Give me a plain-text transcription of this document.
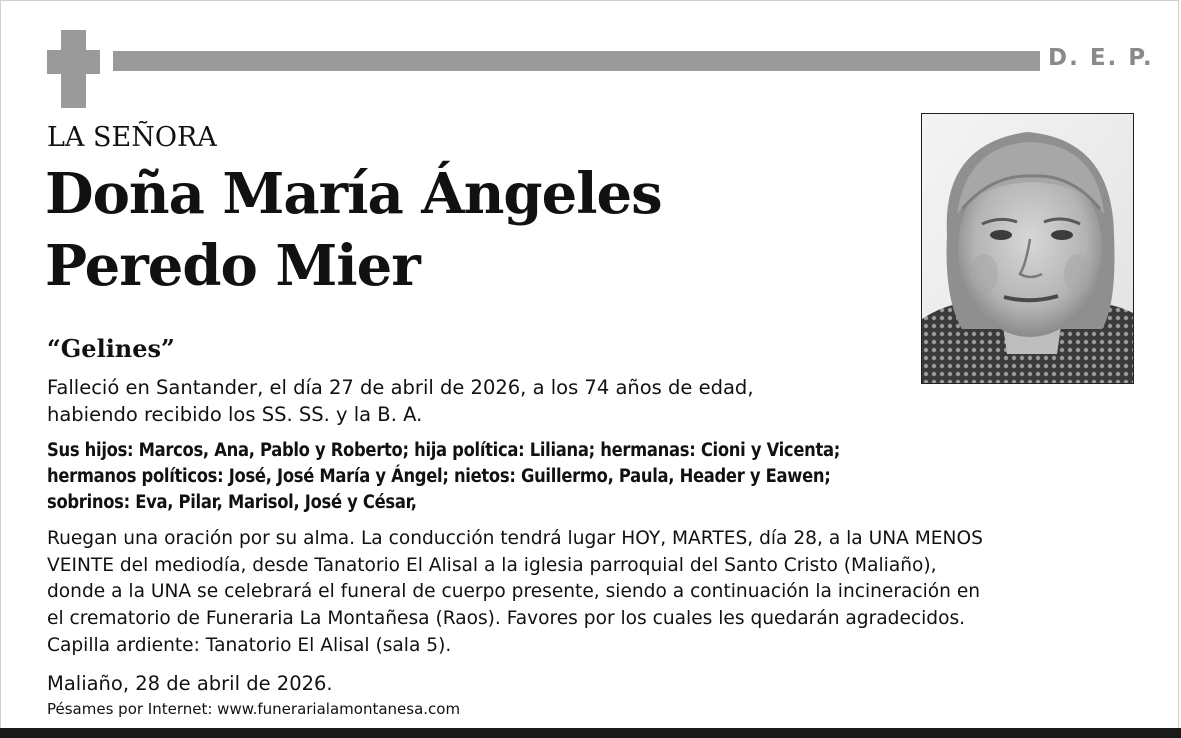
D. E. P.
LA SEÑORA
Doña María Ángeles
Peredo Mier
“Gelines”
Falleció en Santander, el día 27 de abril de 2026, a los 74 años de edad,
habiendo recibido los SS. SS. y la B. A.
Sus hijos: Marcos, Ana, Pablo y Roberto; hija política: Liliana; hermanas: Cioni y Vicenta;
hermanos políticos: José, José María y Ángel; nietos: Guillermo, Paula, Header y Eawen;
sobrinos: Eva, Pilar, Marisol, José y César,
Ruegan una oración por su alma. La conducción tendrá lugar HOY, MARTES, día 28, a la UNA MENOS
VEINTE del mediodía, desde Tanatorio El Alisal a la iglesia parroquial del Santo Cristo (Maliaño),
donde a la UNA se celebrará el funeral de cuerpo presente, siendo a continuación la incineración en
el crematorio de Funeraria La Montañesa (Raos). Favores por los cuales les quedarán agradecidos.
Capilla ardiente: Tanatorio El Alisal (sala 5).
Maliaño, 28 de abril de 2026.
Pésames por Internet: www.funerarialamontanesa.com
